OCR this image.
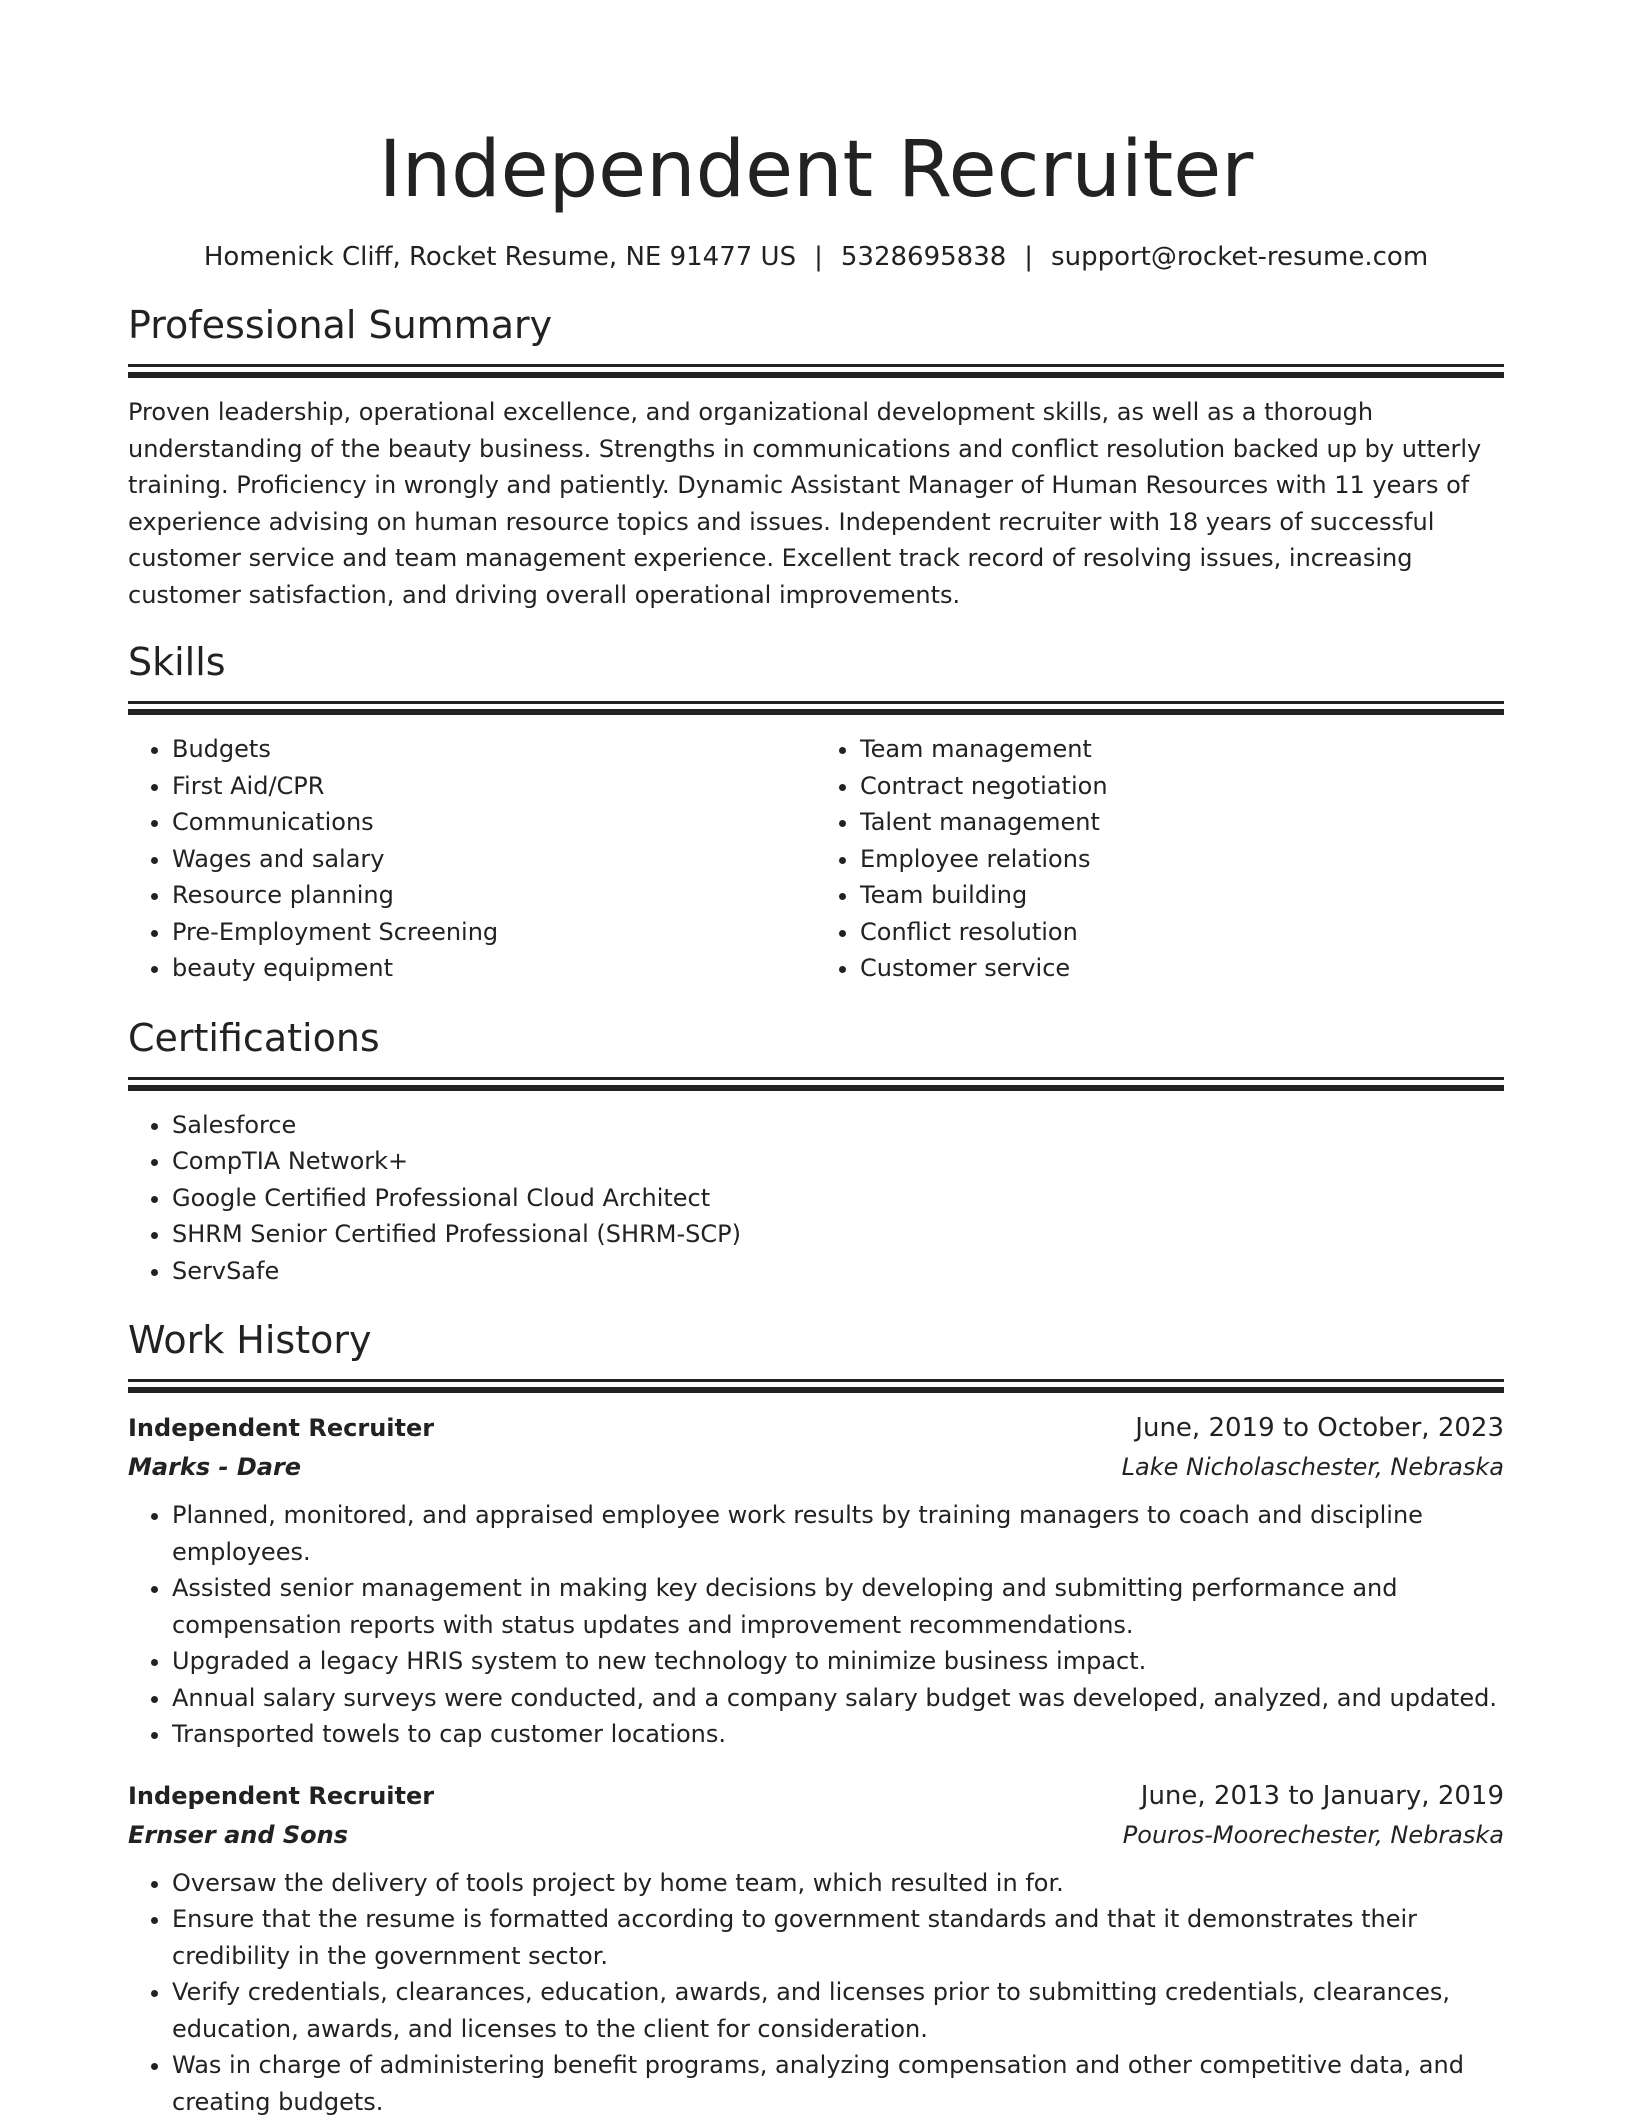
Independent Recruiter
Homenick Cliff, Rocket Resume, NE 91477 US | 5328695838 | support@rocket-resume.com
Professional Summary

Proven leadership, operational excellence, and organizational development skills, as well as a thorough understanding of the beauty business. Strengths in communications and conflict resolution backed up by utterly training. Proficiency in wrongly and patiently. Dynamic Assistant Manager of Human Resources with 11 years of experience advising on human resource topics and issues. Independent recruiter with 18 years of successful customer service and team management experience. Excellent track record of resolving issues, increasing customer satisfaction, and driving overall operational improvements.

Skills
• Budgets
• First Aid/CPR
• Communications
• Wages and salary
• Resource planning
• Pre-Employment Screening
• beauty equipment
• Team management
• Contract negotiation
• Talent management
• Employee relations
• Team building
• Conflict resolution
• Customer service
Certifications
• Salesforce
• CompTIA Network+
• Google Certified Professional Cloud Architect
• SHRM Senior Certified Professional (SHRM-SCP)
• ServSafe
Work History
Independent Recruiter	June, 2019 to October, 2023
Marks - Dare	Lake Nicholaschester, Nebraska
• Planned, monitored, and appraised employee work results by training managers to coach and discipline employees.
• Assisted senior management in making key decisions by developing and submitting performance and compensation reports with status updates and improvement recommendations.
• Upgraded a legacy HRIS system to new technology to minimize business impact.
• Annual salary surveys were conducted, and a company salary budget was developed, analyzed, and updated.
• Transported towels to cap customer locations.
Independent Recruiter	June, 2013 to January, 2019
Ernser and Sons	Pouros-Moorechester, Nebraska
• Oversaw the delivery of tools project by home team, which resulted in for.
• Ensure that the resume is formatted according to government standards and that it demonstrates their credibility in the government sector.
• Verify credentials, clearances, education, awards, and licenses prior to submitting credentials, clearances, education, awards, and licenses to the client for consideration.
• Was in charge of administering benefit programs, analyzing compensation and other competitive data, and creating budgets.
